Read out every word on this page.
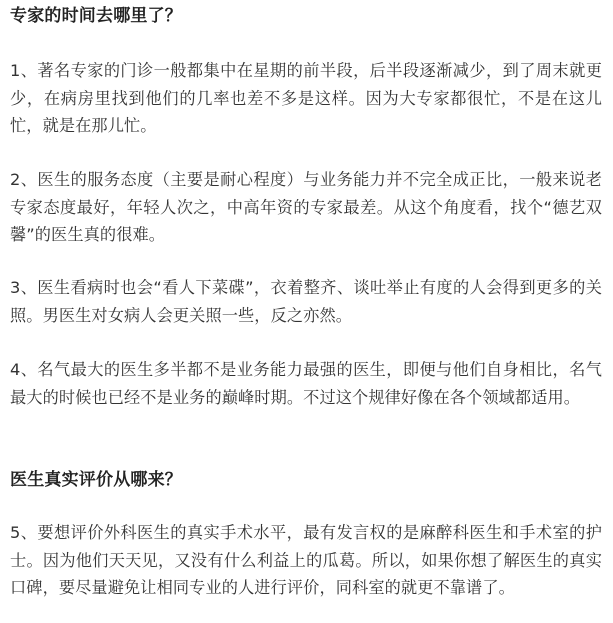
专家的时间去哪里了？

1、著名专家的门诊一般都集中在星期的前半段，后半段逐渐减少，到了周末就更少，在病房里找到他们的几率也差不多是这样。因为大专家都很忙，不是在这儿忙，就是在那儿忙。

2、医生的服务态度（主要是耐心程度）与业务能力并不完全成正比，一般来说老专家态度最好，年轻人次之，中高年资的专家最差。从这个角度看，找个“德艺双馨”的医生真的很难。

3、医生看病时也会“看人下菜碟”，衣着整齐、谈吐举止有度的人会得到更多的关照。男医生对女病人会更关照一些，反之亦然。

4、名气最大的医生多半都不是业务能力最强的医生，即便与他们自身相比，名气最大的时候也已经不是业务的巅峰时期。不过这个规律好像在各个领域都适用。

医生真实评价从哪来？

5、要想评价外科医生的真实手术水平，最有发言权的是麻醉科医生和手术室的护士。因为他们天天见，又没有什么利益上的瓜葛。所以，如果你想了解医生的真实口碑，要尽量避免让相同专业的人进行评价，同科室的就更不靠谱了。
